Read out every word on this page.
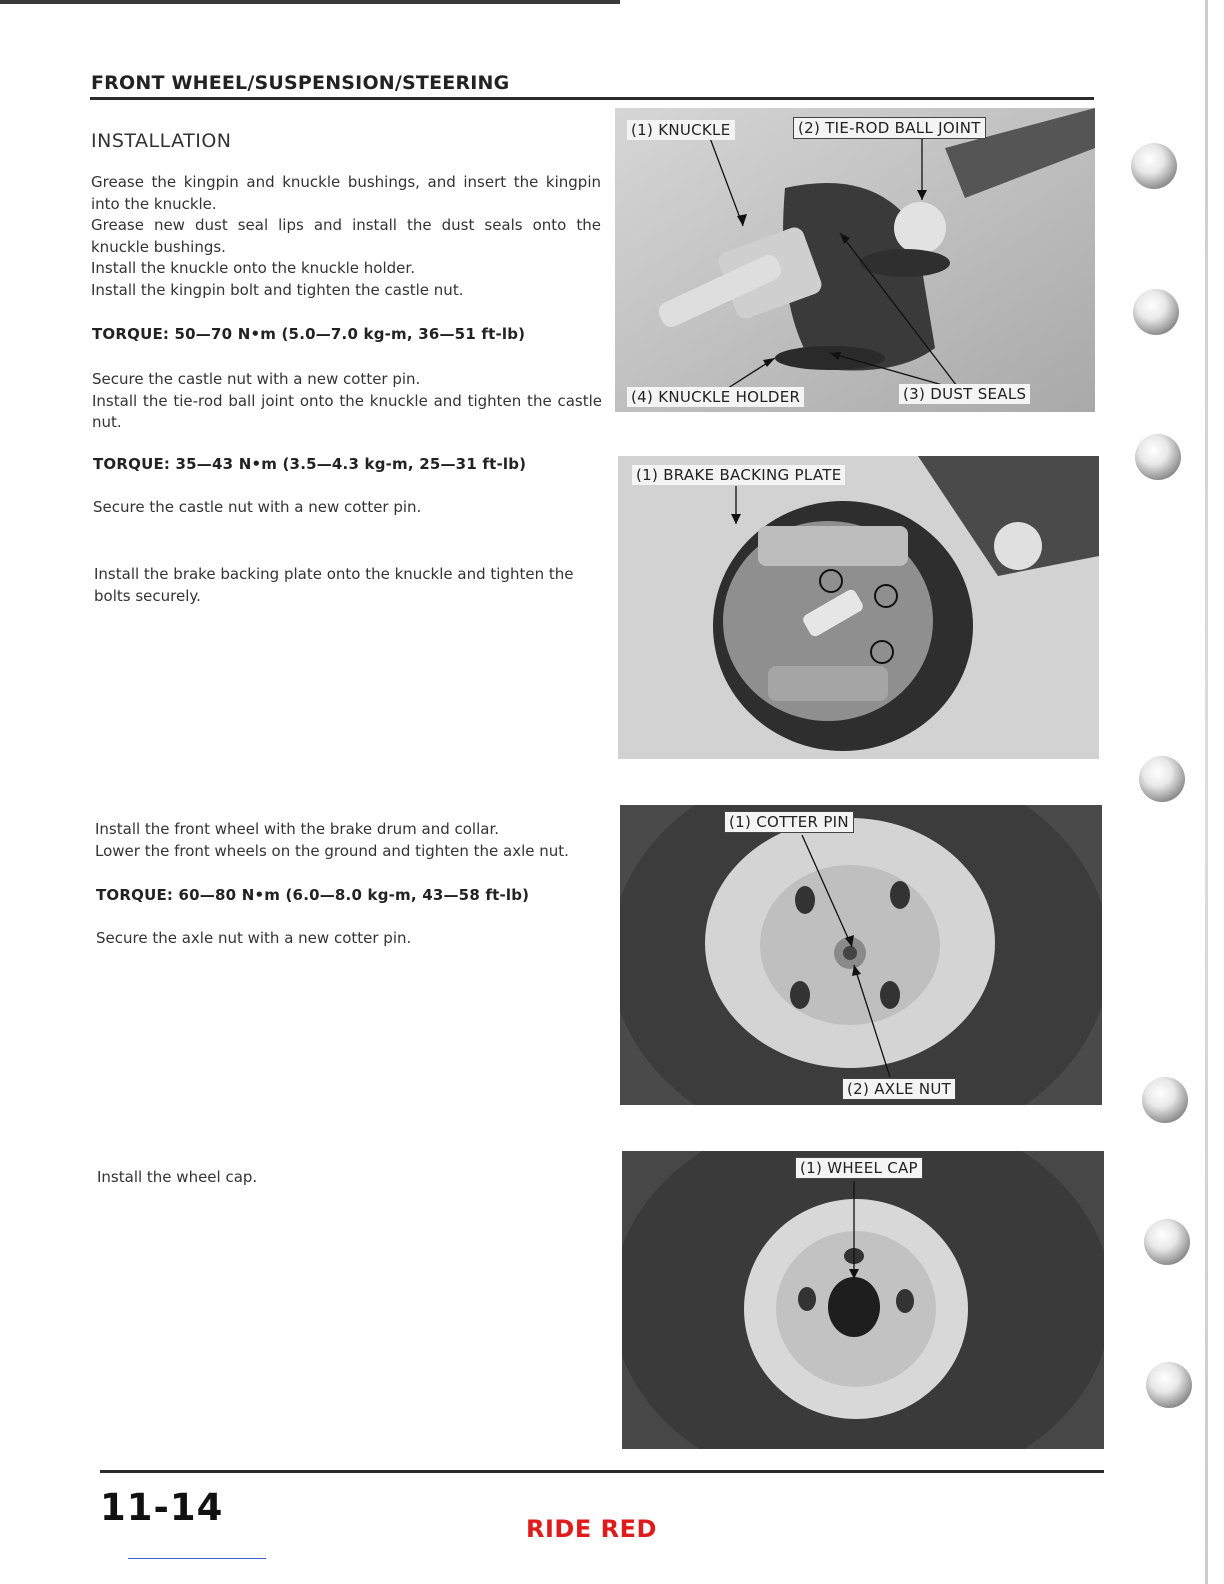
FRONT WHEEL/SUSPENSION/STEERING
INSTALLATION

Grease the kingpin and knuckle bushings, and insert the kingpin into the knuckle.

Grease new dust seal lips and install the dust seals onto the knuckle bushings.

Install the knuckle onto the knuckle holder.

Install the kingpin bolt and tighten the castle nut.

TORQUE: 50—70 N•m (5.0—7.0 kg-m, 36—51 ft-lb)

Secure the castle nut with a new cotter pin.

Install the tie-rod ball joint onto the knuckle and tighten the castle nut.

TORQUE: 35—43 N•m (3.5—4.3 kg-m, 25—31 ft-lb)

Secure the castle nut with a new cotter pin.

Install the brake backing plate onto the knuckle and tighten the bolts securely.

Install the front wheel with the brake drum and collar.

Lower the front wheels on the ground and tighten the axle nut.

TORQUE: 60—80 N•m (6.0—8.0 kg-m, 43—58 ft-lb)

Secure the axle nut with a new cotter pin.

Install the wheel cap.

(1) KNUCKLE	(2) TIE-ROD BALL JOINT
(4) KNUCKLE HOLDER	(3) DUST SEALS
(1) BRAKE BACKING PLATE
(1) COTTER PIN
(2) AXLE NUT
(1) WHEEL CAP
11-14	RIDE RED
